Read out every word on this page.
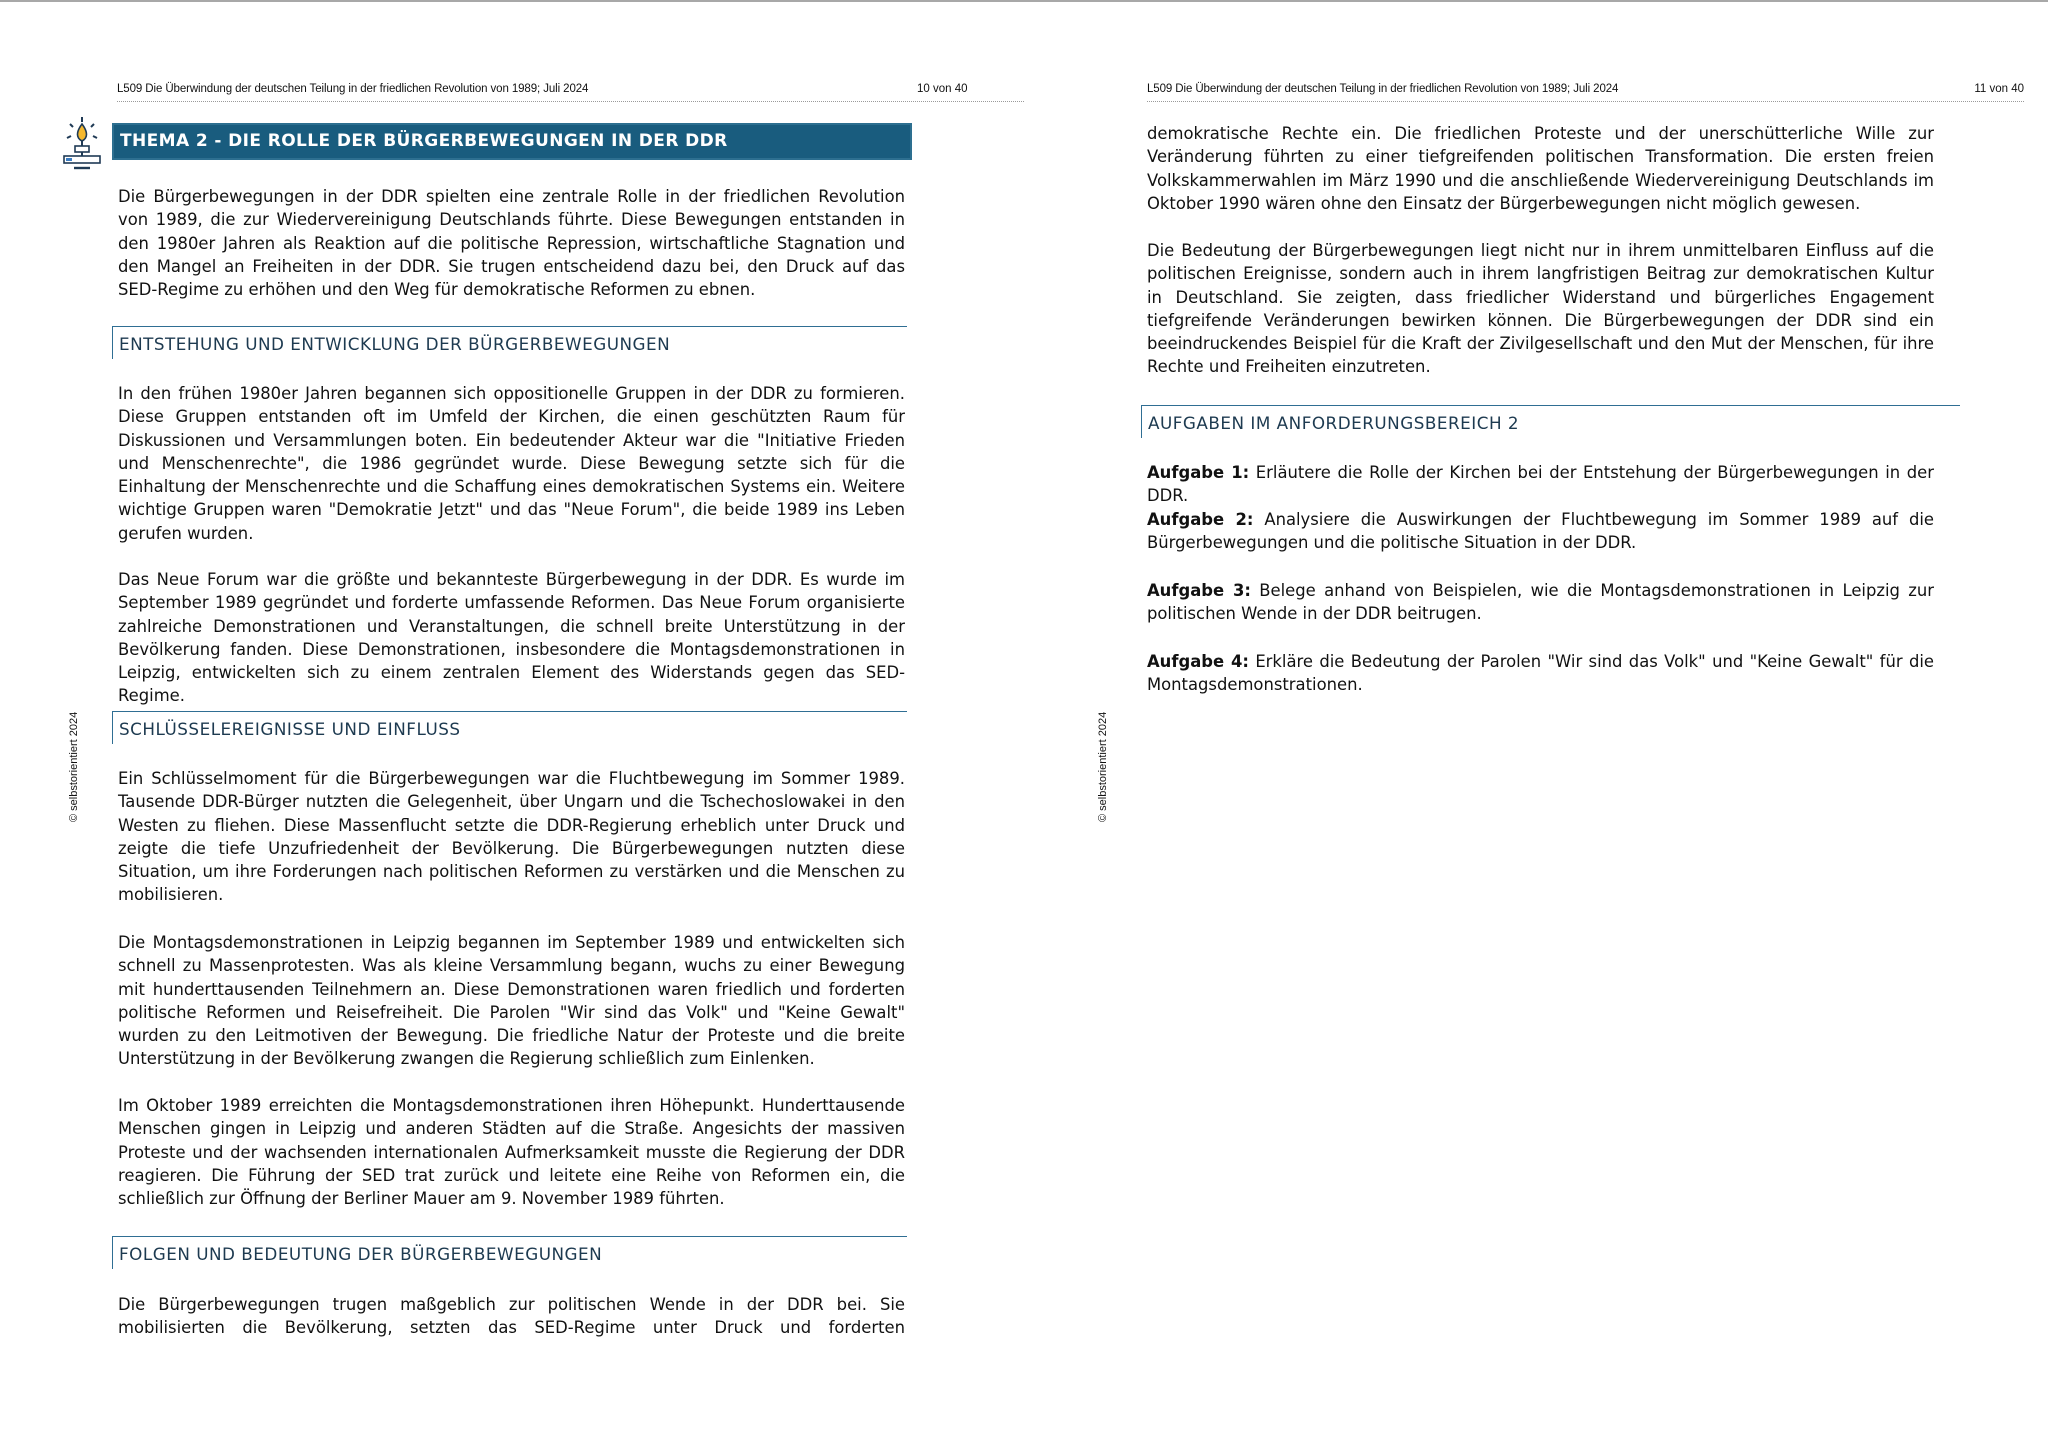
L509 Die Überwindung der deutschen Teilung in der friedlichen Revolution von 1989; Juli 2024	10 von 40
© selbstorientiert 2024
THEMA 2 - DIE ROLLE DER BÜRGERBEWEGUNGEN IN DER DDR

Die Bürgerbewegungen in der DDR spielten eine zentrale Rolle in der friedlichen Revolution von 1989, die zur Wiedervereinigung Deutschlands führte. Diese Bewegungen entstanden in den 1980er Jahren als Reaktion auf die politische Repression, wirtschaftliche Stagnation und den Mangel an Freiheiten in der DDR. Sie trugen entscheidend dazu bei, den Druck auf das SED-Regime zu erhöhen und den Weg für demokratische Reformen zu ebnen.

ENTSTEHUNG UND ENTWICKLUNG DER BÜRGERBEWEGUNGEN

In den frühen 1980er Jahren begannen sich oppositionelle Gruppen in der DDR zu formieren. Diese Gruppen entstanden oft im Umfeld der Kirchen, die einen geschützten Raum für Diskussionen und Versammlungen boten. Ein bedeutender Akteur war die "Initiative Frieden und Menschenrechte", die 1986 gegründet wurde. Diese Bewegung setzte sich für die Einhaltung der Menschenrechte und die Schaffung eines demokratischen Systems ein. Weitere wichtige Gruppen waren "Demokratie Jetzt" und das "Neue Forum", die beide 1989 ins Leben gerufen wurden.

Das Neue Forum war die größte und bekannteste Bürgerbewegung in der DDR. Es wurde im September 1989 gegründet und forderte umfassende Reformen. Das Neue Forum organisierte zahlreiche Demonstrationen und Veranstaltungen, die schnell breite Unterstützung in der Bevölkerung fanden. Diese Demonstrationen, insbesondere die Montagsdemonstrationen in Leipzig, entwickelten sich zu einem zentralen Element des Widerstands gegen das SED-Regime.

SCHLÜSSELEREIGNISSE UND EINFLUSS

Ein Schlüsselmoment für die Bürgerbewegungen war die Fluchtbewegung im Sommer 1989. Tausende DDR-Bürger nutzten die Gelegenheit, über Ungarn und die Tschechoslowakei in den Westen zu fliehen. Diese Massenflucht setzte die DDR-Regierung erheblich unter Druck und zeigte die tiefe Unzufriedenheit der Bevölkerung. Die Bürgerbewegungen nutzten diese Situation, um ihre Forderungen nach politischen Reformen zu verstärken und die Menschen zu mobilisieren.

Die Montagsdemonstrationen in Leipzig begannen im September 1989 und entwickelten sich schnell zu Massenprotesten. Was als kleine Versammlung begann, wuchs zu einer Bewegung mit hunderttausenden Teilnehmern an. Diese Demonstrationen waren friedlich und forderten politische Reformen und Reisefreiheit. Die Parolen "Wir sind das Volk" und "Keine Gewalt" wurden zu den Leitmotiven der Bewegung. Die friedliche Natur der Proteste und die breite Unterstützung in der Bevölkerung zwangen die Regierung schließlich zum Einlenken.

Im Oktober 1989 erreichten die Montagsdemonstrationen ihren Höhepunkt. Hunderttausende Menschen gingen in Leipzig und anderen Städten auf die Straße. Angesichts der massiven Proteste und der wachsenden internationalen Aufmerksamkeit musste die Regierung der DDR reagieren. Die Führung der SED trat zurück und leitete eine Reihe von Reformen ein, die schließlich zur Öffnung der Berliner Mauer am 9. November 1989 führten.

FOLGEN UND BEDEUTUNG DER BÜRGERBEWEGUNGEN

Die Bürgerbewegungen trugen maßgeblich zur politischen Wende in der DDR bei. Sie mobilisierten die Bevölkerung, setzten das SED-Regime unter Druck und forderten

L509 Die Überwindung der deutschen Teilung in der friedlichen Revolution von 1989; Juli 2024	11 von 40
© selbstorientiert 2024

demokratische Rechte ein. Die friedlichen Proteste und der unerschütterliche Wille zur Veränderung führten zu einer tiefgreifenden politischen Transformation. Die ersten freien Volkskammerwahlen im März 1990 und die anschließende Wiedervereinigung Deutschlands im Oktober 1990 wären ohne den Einsatz der Bürgerbewegungen nicht möglich gewesen.

Die Bedeutung der Bürgerbewegungen liegt nicht nur in ihrem unmittelbaren Einfluss auf die politischen Ereignisse, sondern auch in ihrem langfristigen Beitrag zur demokratischen Kultur in Deutschland. Sie zeigten, dass friedlicher Widerstand und bürgerliches Engagement tiefgreifende Veränderungen bewirken können. Die Bürgerbewegungen der DDR sind ein beeindruckendes Beispiel für die Kraft der Zivilgesellschaft und den Mut der Menschen, für ihre Rechte und Freiheiten einzutreten.

AUFGABEN IM ANFORDERUNGSBEREICH 2

Aufgabe 1: Erläutere die Rolle der Kirchen bei der Entstehung der Bürgerbewegungen in der DDR.

Aufgabe 2: Analysiere die Auswirkungen der Fluchtbewegung im Sommer 1989 auf die Bürgerbewegungen und die politische Situation in der DDR.

Aufgabe 3: Belege anhand von Beispielen, wie die Montagsdemonstrationen in Leipzig zur politischen Wende in der DDR beitrugen.

Aufgabe 4: Erkläre die Bedeutung der Parolen "Wir sind das Volk" und "Keine Gewalt" für die Montagsdemonstrationen.
